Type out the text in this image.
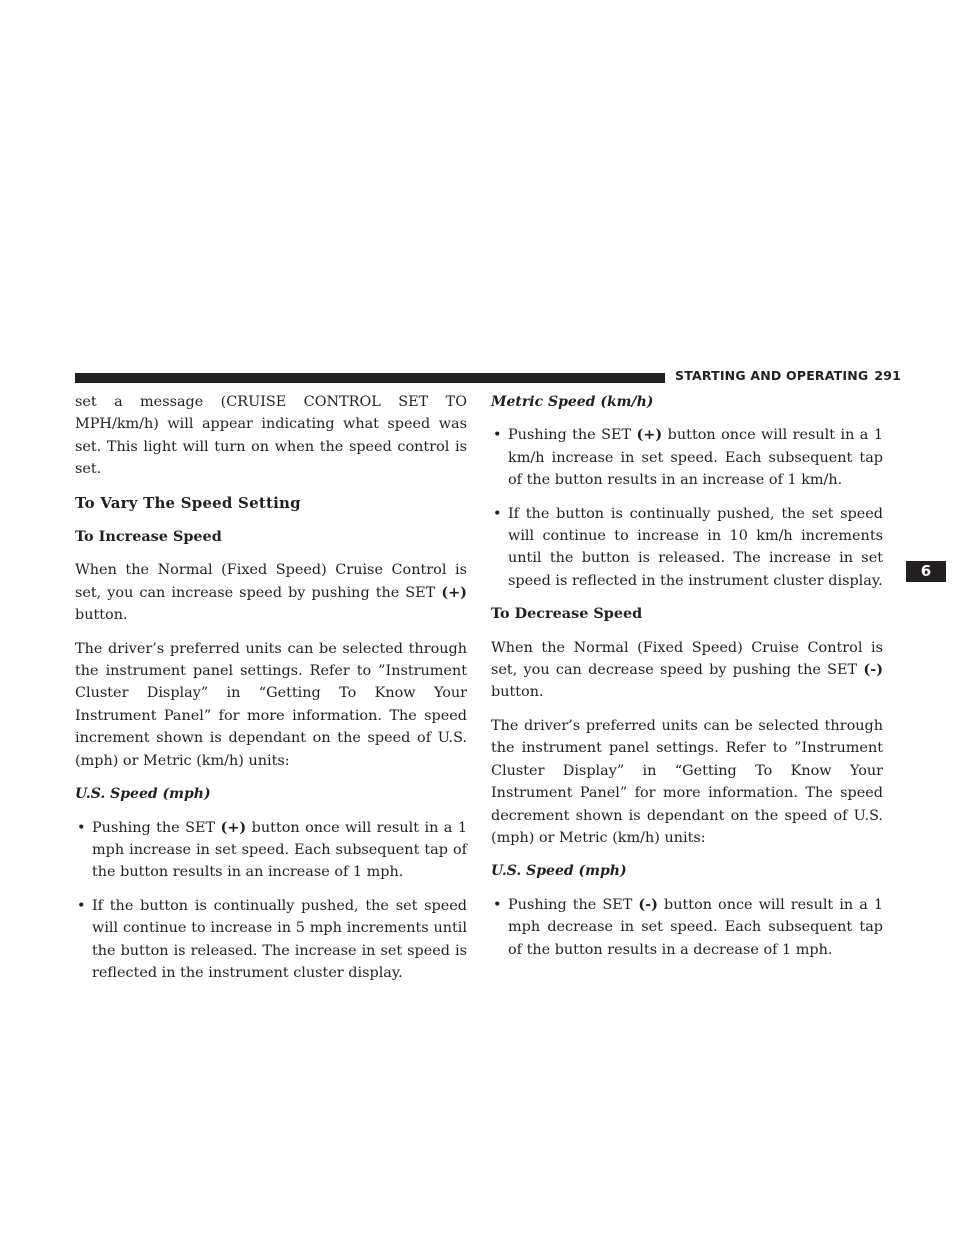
STARTING AND OPERATING 291

set a message (CRUISE CONTROL SET TO MPH/km/h) will appear indicating what speed was set. This light will turn on when the speed control is set.

To Vary The Speed Setting
To Increase Speed

When the Normal (Fixed Speed) Cruise Control is set, you can increase speed by pushing the SET (+) button.

The driver’s preferred units can be selected through the instrument panel settings. Refer to ”Instrument Cluster Display” in “Getting To Know Your Instrument Panel” for more information. The speed increment shown is dependant on the speed of U.S. (mph) or Metric (km/h) units:

U.S. Speed (mph)
• Pushing the SET (+) button once will result in a 1 mph increase in set speed. Each subsequent tap of the button results in an increase of 1 mph.
• If the button is continually pushed, the set speed will continue to increase in 5 mph increments until the button is released. The increase in set speed is reflected in the instrument cluster display.
Metric Speed (km/h)
• Pushing the SET (+) button once will result in a 1 km/h increase in set speed. Each subsequent tap of the button results in an increase of 1 km/h.
• If the button is continually pushed, the set speed will continue to increase in 10 km/h increments until the button is released. The increase in set speed is reflected in the instrument cluster display.
To Decrease Speed

When the Normal (Fixed Speed) Cruise Control is set, you can decrease speed by pushing the SET (-) button.

The driver’s preferred units can be selected through the instrument panel settings. Refer to ”Instrument Cluster Display” in “Getting To Know Your Instrument Panel” for more information. The speed decrement shown is dependant on the speed of U.S. (mph) or Metric (km/h) units:

U.S. Speed (mph)
• Pushing the SET (-) button once will result in a 1 mph decrease in set speed. Each subsequent tap of the button results in a decrease of 1 mph.
6
